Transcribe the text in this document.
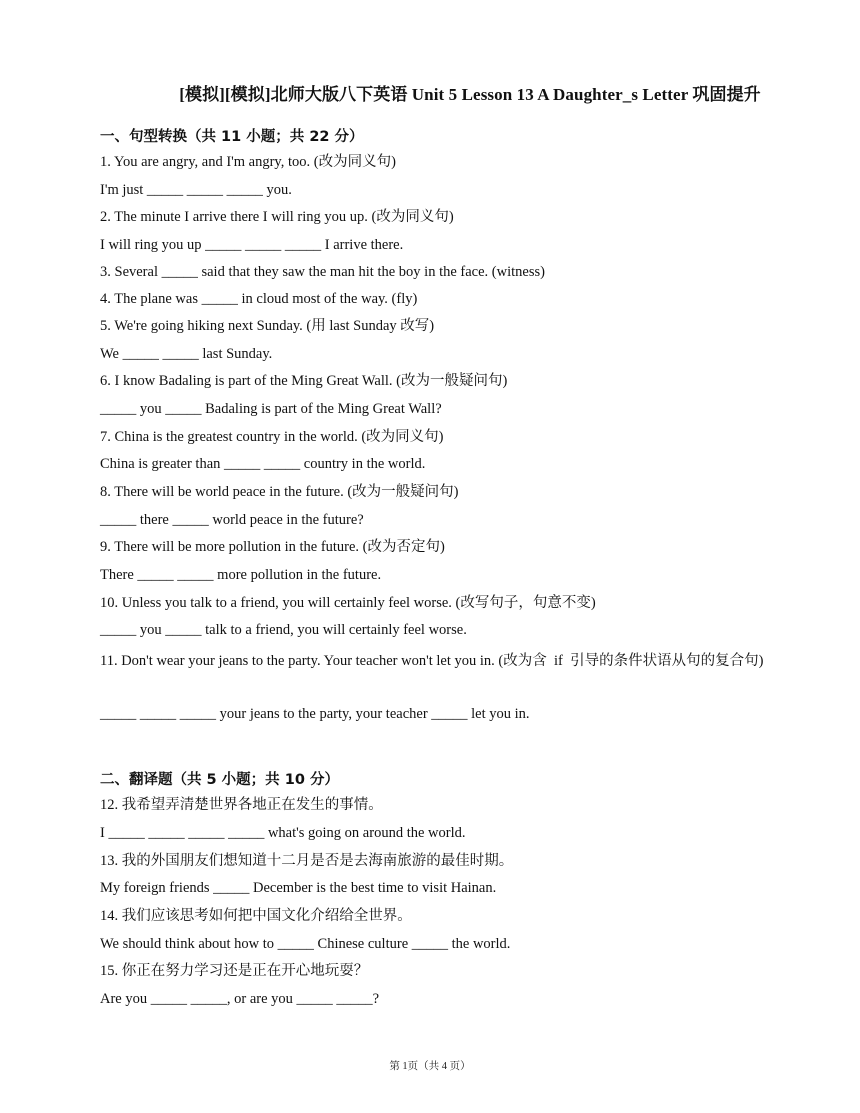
[模拟][模拟]北师大版八下英语 Unit 5 Lesson 13 A Daughter_s Letter 巩固提升
一、句型转换（共 11 小题；共 22 分）
1. You are angry, and I'm angry, too. (改为同义句)
I'm just _____ _____ _____ you.
2. The minute I arrive there I will ring you up. (改为同义句)
I will ring you up _____ _____ _____ I arrive there.
3. Several _____ said that they saw the man hit the boy in the face. (witness)
4. The plane was _____ in cloud most of the way. (fly)
5. We're going hiking next Sunday. (用 last Sunday 改写)
We _____ _____ last Sunday.
6. I know Badaling is part of the Ming Great Wall. (改为一般疑问句)
_____ you _____ Badaling is part of the Ming Great Wall?
7. China is the greatest country in the world. (改为同义句)
China is greater than _____ _____ country in the world.
8. There will be world peace in the future. (改为一般疑问句)
_____ there _____ world peace in the future?
9. There will be more pollution in the future. (改为否定句)
There _____ _____ more pollution in the future.
10. Unless you talk to a friend, you will certainly feel worse. (改写句子，句意不变)
_____ you _____ talk to a friend, you will certainly feel worse.
11. Don't wear your jeans to the party. Your teacher won't let you in. (改为含  if  引导的条件状语从句的复合句)
_____ _____ _____ your jeans to the party, your teacher _____ let you in.
二、翻译题（共 5 小题；共 10 分）
12. 我希望弄清楚世界各地正在发生的事情。
I _____ _____ _____ _____ what's going on around the world.
13. 我的外国朋友们想知道十二月是否是去海南旅游的最佳时期。
My foreign friends _____ December is the best time to visit Hainan.
14. 我们应该思考如何把中国文化介绍给全世界。
We should think about how to _____ Chinese culture _____ the world.
15. 你正在努力学习还是正在开心地玩耍？
Are you _____ _____, or are you _____ _____?
第 1页（共 4 页）
